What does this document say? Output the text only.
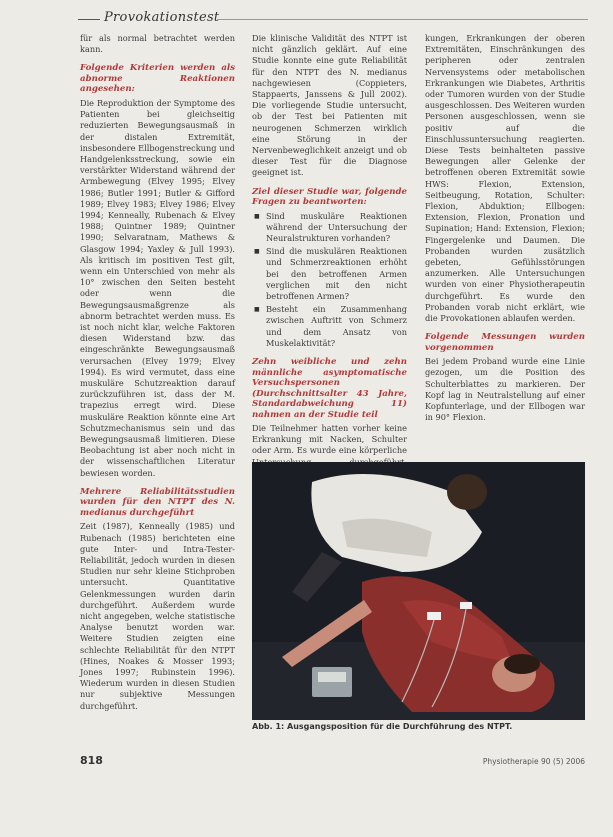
Provokationstest

für als normal betrachtet werden kann.

Folgende Kriterien werden als abnorme Reaktionen angesehen:

Die Reproduktion der Symptome des Patienten bei gleichseitig reduzierten Bewegungsausmaß in der distalen Extremität, insbesondere Ellbogenstreckung und Handgelenksstreckung, sowie ein verstärkter Widerstand während der Armbewegung (Elvey 1995; Elvey 1986; Butler 1991; Butler & Gifford 1989; Elvey 1983; Elvey 1986; Elvey 1994; Kenneally, Rubenach & Elvey 1988; Quintner 1989; Quintner 1990; Selvaratnam, Mathews & Glasgow 1994; Yaxley & Jull 1993). Als kritisch im positiven Test gilt, wenn ein Unterschied von mehr als 10° zwischen den Seiten besteht oder wenn die Bewegungsausmaßgrenze als abnorm betrachtet werden muss. Es ist noch nicht klar, welche Faktoren diesen Widerstand bzw. das eingeschränkte Bewegungsausmaß verursachen (Elvey 1979; Elvey 1994). Es wird vermutet, dass eine muskuläre Schutzreaktion darauf zurückzuführen ist, dass der M. trapezius erregt wird. Diese muskuläre Reaktion könnte eine Art Schutzmechanismus sein und das Bewegungsausmaß limitieren. Diese Beobachtung ist aber noch nicht in der wissenschaftlichen Literatur bewiesen worden.

Mehrere Reliabilitätsstudien wurden für den NTPT des N. medianus durchgeführt

Zeit (1987), Kenneally (1985) und Rubenach (1985) berichteten eine gute Inter- und Intra-Tester-Reliabilität, jedoch wurden in diesen Studien nur sehr kleine Stichproben untersucht. Quantitative Gelenkmessungen wurden darin durchgeführt. Außerdem wurde nicht angegeben, welche statistische Analyse benutzt worden war. Weitere Studien zeigten eine schlechte Reliabilität für den NTPT (Hines, Noakes & Mosser 1993; Jones 1997; Rubinstein 1996). Wiederum wurden in diesen Studien nur subjektive Messungen durchgeführt.

Die klinische Validität des NTPT ist nicht gänzlich geklärt. Auf eine Studie konnte eine gute Reliabilität für den NTPT des N. medianus nachgewiesen (Coppieters, Stappaerts, Janssens & Jull 2002). Die vorliegende Studie untersucht, ob der Test bei Patienten mit neurogenen Schmerzen wirklich eine Störung in der Nervenbeweglichkeit anzeigt und ob dieser Test für die Diagnose geeignet ist.

Ziel dieser Studie war, folgende Fragen zu beantworten:
■ Sind muskuläre Reaktionen während der Untersuchung der Neuralstrukturen vorhanden?
■ Sind die muskulären Reaktionen und Schmerzreaktionen erhöht bei den betroffenen Armen verglichen mit den nicht betroffenen Armen?
■ Besteht ein Zusammenhang zwischen Auftritt von Schmerz und dem Ansatz von Muskelaktivität?
Zehn weibliche und zehn männliche asymptomatische Versuchspersonen (Durchschnittsalter 43 Jahre, Standardabweichung 11) nahmen an der Studie teil

Die Teilnehmer hatten vorher keine Erkrankung mit Nacken, Schulter oder Arm. Es wurde eine körperliche

kungen, Erkrankungen der oberen Extremitäten, Einschränkungen des peripheren oder zentralen Nervensystems oder metabolischen Erkrankungen wie Diabetes, Arthritis oder Tumoren wurden von der Studie ausgeschlossen. Des Weiteren wurden Personen ausgeschlossen, wenn sie positiv auf die Einschlussuntersuchung reagierten. Diese Tests beinhalteten passive Bewegungen aller Gelenke der betroffenen oberen Extremität sowie HWS: Flexion, Extension, Seitbeugung, Rotation, Schulter: Flexion, Abduktion; Ellbogen: Extension, Flexion, Pronation und Supination; Hand: Extension, Flexion; Fingergelenke und Daumen. Die Probanden wurden zusätzlich gebeten, Gefühlsstörungen anzumerken. Alle Untersuchungen wurden von einer Physiotherapeutin durchgeführt. Es wurde den Probanden vorab nicht erklärt, wie die Provokationen ablaufen werden.

Folgende Messungen wurden vorgenommen

Bei jedem Proband wurde eine Linie gezogen, um die Position des Schulterblattes zu markieren. Der Kopf lag in Neutralstellung auf einer Kopfunterlage, und der Ellbogen war in 90° Flexion.

Abb. 1: Ausgangsposition für die Durchführung des NTPT.
818	Physiotherapie 90 (5) 2006
